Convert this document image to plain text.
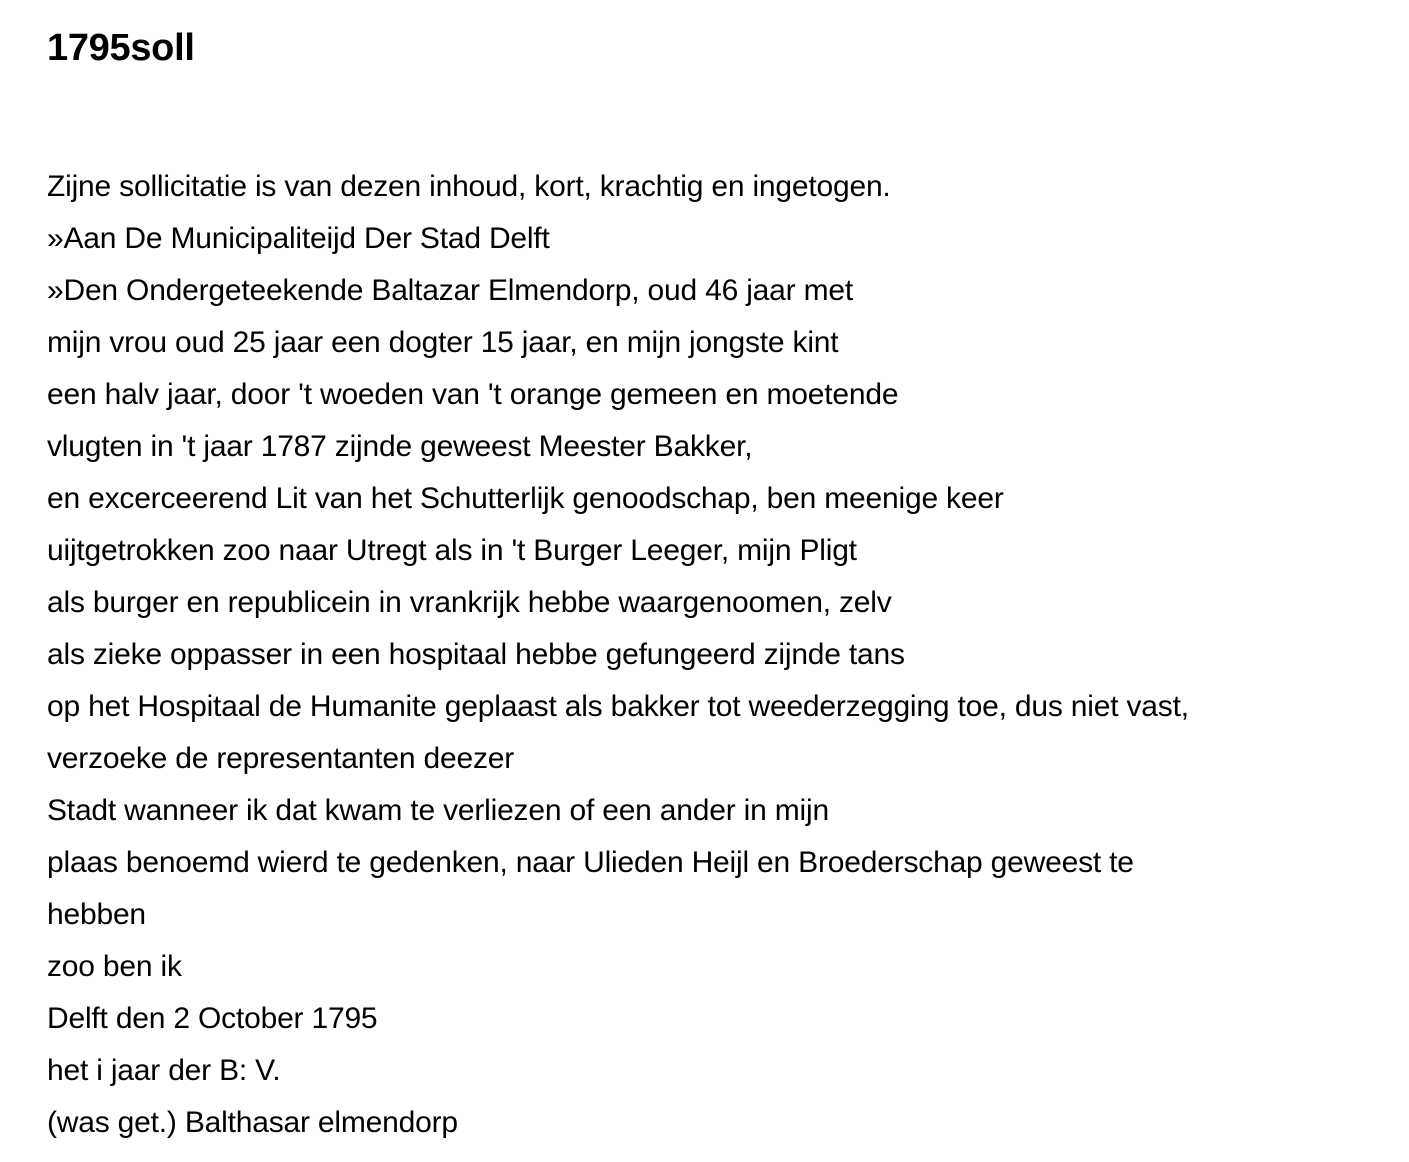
1795soll
Zijne sollicitatie is van dezen inhoud, kort, krachtig en ingetogen.
»Aan De Municipaliteijd Der Stad Delft
»Den Ondergeteekende Baltazar Elmendorp, oud 46 jaar met
mijn vrou oud 25 jaar een dogter 15 jaar, en mijn jongste kint
een halv jaar, door 't woeden van 't orange gemeen en moetende
vlugten in 't jaar 1787 zijnde geweest Meester Bakker,
en excerceerend Lit van het Schutterlijk genoodschap, ben meenige keer
uijtgetrokken zoo naar Utregt als in 't Burger Leeger, mijn Pligt
als burger en republicein in vrankrijk hebbe waargenoomen, zelv
als zieke oppasser in een hospitaal hebbe gefungeerd zijnde tans
op het Hospitaal de Humanite geplaast als bakker tot weederzegging toe, dus niet vast,
verzoeke de representanten deezer
Stadt wanneer ik dat kwam te verliezen of een ander in mijn
plaas benoemd wierd te gedenken, naar Ulieden Heijl en Broederschap geweest te
hebben
zoo ben ik
Delft den 2 October 1795
het i jaar der B: V.
(was get.) Balthasar elmendorp
